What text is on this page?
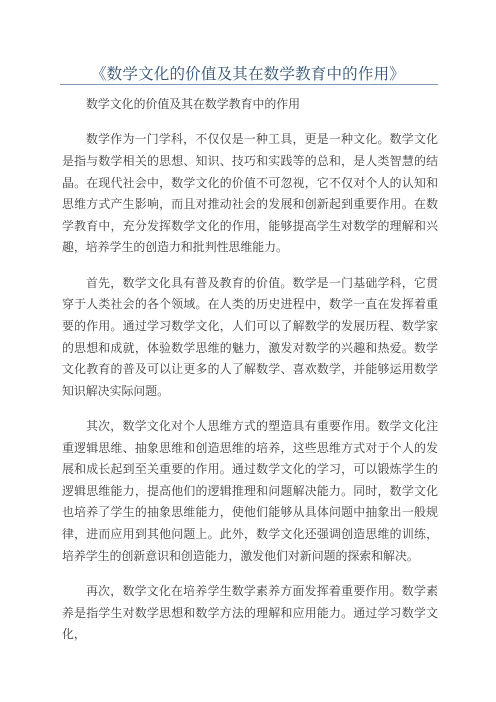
《数学文化的价值及其在数学教育中的作用》

数学文化的价值及其在数学教育中的作用

数学作为一门学科，不仅仅是一种工具，更是一种文化。数学文化是指与数学相关的思想、知识、技巧和实践等的总和，是人类智慧的结晶。在现代社会中，数学文化的价值不可忽视，它不仅对个人的认知和思维方式产生影响，而且对推动社会的发展和创新起到重要作用。在数学教育中，充分发挥数学文化的作用，能够提高学生对数学的理解和兴趣，培养学生的创造力和批判性思维能力。

首先，数学文化具有普及教育的价值。数学是一门基础学科，它贯穿于人类社会的各个领域。在人类的历史进程中，数学一直在发挥着重要的作用。通过学习数学文化，人们可以了解数学的发展历程、数学家的思想和成就，体验数学思维的魅力，激发对数学的兴趣和热爱。数学文化教育的普及可以让更多的人了解数学、喜欢数学，并能够运用数学知识解决实际问题。

其次，数学文化对个人思维方式的塑造具有重要作用。数学文化注重逻辑思维、抽象思维和创造思维的培养，这些思维方式对于个人的发展和成长起到至关重要的作用。通过数学文化的学习，可以锻炼学生的逻辑思维能力，提高他们的逻辑推理和问题解决能力。同时，数学文化也培养了学生的抽象思维能力，使他们能够从具体问题中抽象出一般规律，进而应用到其他问题上。此外，数学文化还强调创造思维的训练，培养学生的创新意识和创造能力，激发他们对新问题的探索和解决。

再次，数学文化在培养学生数学素养方面发挥着重要作用。数学素养是指学生对数学思想和数学方法的理解和应用能力。通过学习数学文化，
